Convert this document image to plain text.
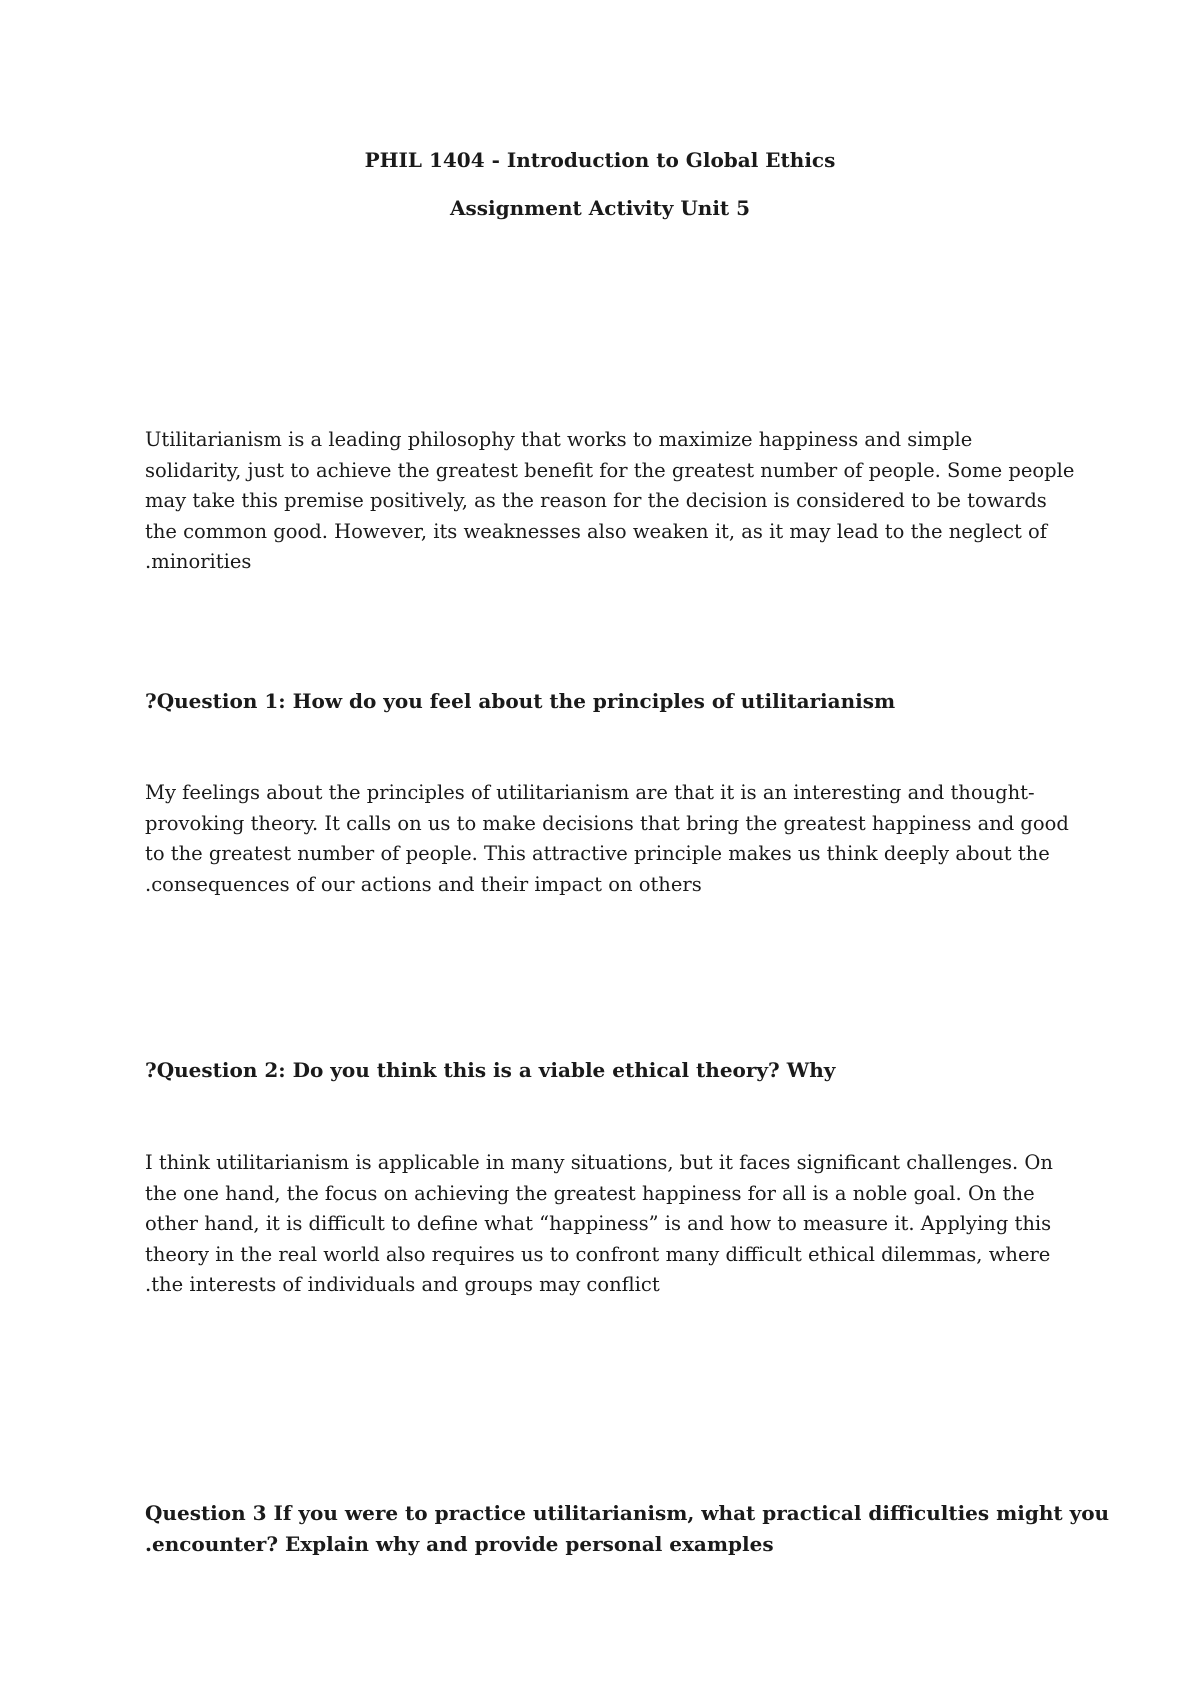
PHIL 1404 - Introduction to Global Ethics
Assignment Activity Unit 5
Utilitarianism is a leading philosophy that works to maximize happiness and simple
solidarity, just to achieve the greatest benefit for the greatest number of people. Some people
may take this premise positively, as the reason for the decision is considered to be towards
the common good. However, its weaknesses also weaken it, as it may lead to the neglect of
.minorities
?Question 1: How do you feel about the principles of utilitarianism
My feelings about the principles of utilitarianism are that it is an interesting and thought-
provoking theory. It calls on us to make decisions that bring the greatest happiness and good
to the greatest number of people. This attractive principle makes us think deeply about the
.consequences of our actions and their impact on others
?Question 2: Do you think this is a viable ethical theory? Why
I think utilitarianism is applicable in many situations, but it faces significant challenges. On
the one hand, the focus on achieving the greatest happiness for all is a noble goal. On the
other hand, it is difficult to define what “happiness” is and how to measure it. Applying this
theory in the real world also requires us to confront many difficult ethical dilemmas, where
.the interests of individuals and groups may conflict
Question 3 If you were to practice utilitarianism, what practical difficulties might you
.encounter? Explain why and provide personal examples
